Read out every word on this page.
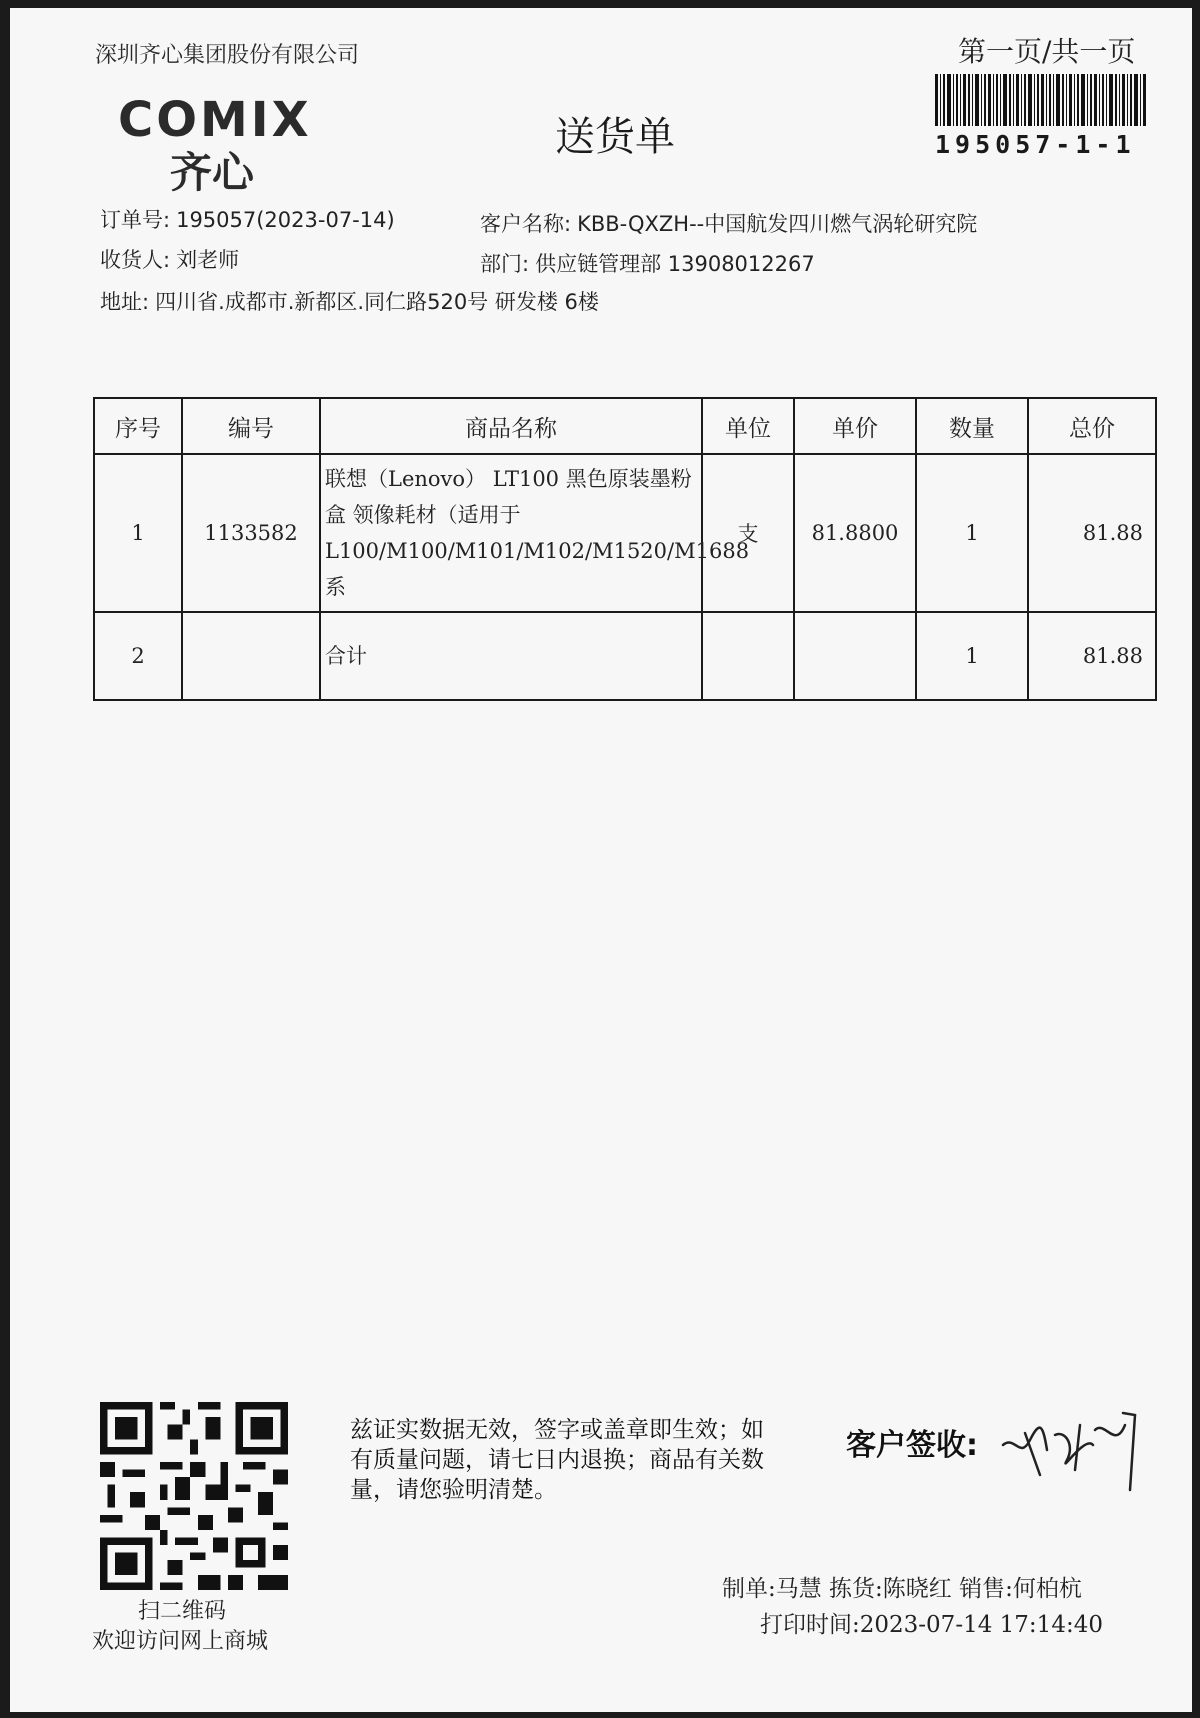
深圳齐心集团股份有限公司
COMIX
齐心
送货单
第一页/共一页
195057-1-1
订单号: 195057(2023-07-14)	客户名称: KBB-QXZH--中国航发四川燃气涡轮研究院
收货人: 刘老师	部门: 供应链管理部 13908012267
地址: 四川省.成都市.新都区.同仁路520号 研发楼 6楼
序号	编号	商品名称	单位	单价	数量	总价
1	1133582	联想（Lenovo） LT100 黑色原装墨粉盒 领像耗材（适用于L100/M100/M101/M102/M1520/M1688系	支	81.8800	1	81.88
2		合计			1	81.88
扫二维码
欢迎访问网上商城
兹证实数据无效，签字或盖章即生效；如有质量问题，请七日内退换；商品有关数量，请您验明清楚。
客户签收:
制单:马慧 拣货:陈晓红 销售:何柏杭
打印时间:2023-07-14 17:14:40
